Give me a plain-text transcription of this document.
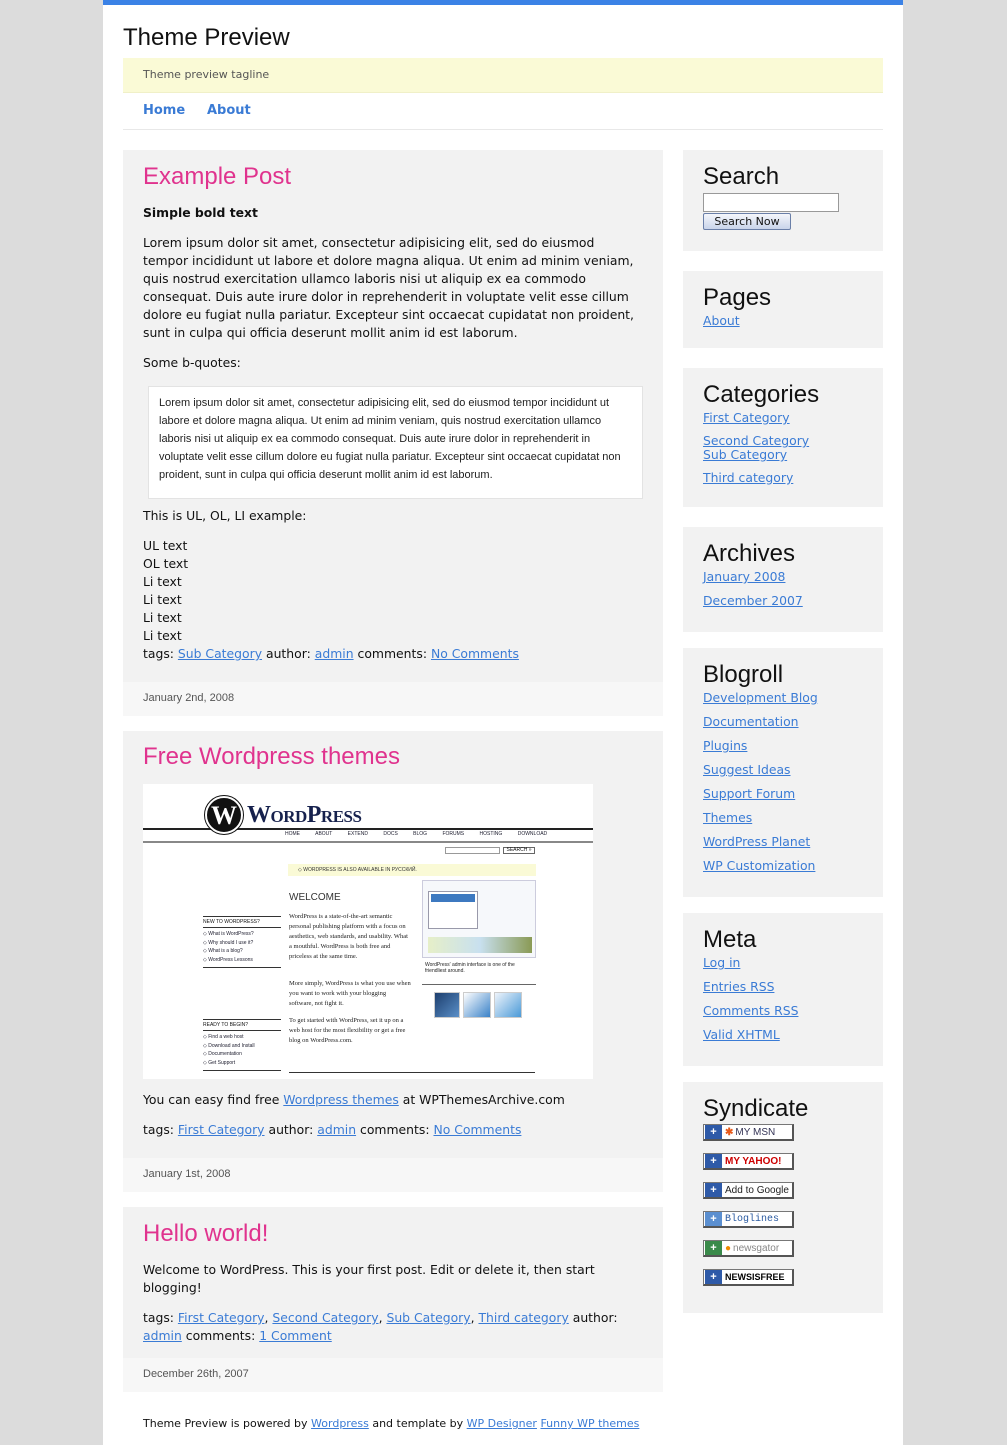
Theme Preview
Theme preview tagline
Home About
Example Post

Simple bold text

Lorem ipsum dolor sit amet, consectetur adipisicing elit, sed do eiusmod tempor incididunt ut labore et dolore magna aliqua. Ut enim ad minim veniam, quis nostrud exercitation ullamco laboris nisi ut aliquip ex ea commodo consequat. Duis aute irure dolor in reprehenderit in voluptate velit esse cillum dolore eu fugiat nulla pariatur. Excepteur sint occaecat cupidatat non proident, sunt in culpa qui officia deserunt mollit anim id est laborum.

Some b-quotes:

Lorem ipsum dolor sit amet, consectetur adipisicing elit, sed do eiusmod tempor incididunt ut labore et dolore magna aliqua. Ut enim ad minim veniam, quis nostrud exercitation ullamco laboris nisi ut aliquip ex ea commodo consequat. Duis aute irure dolor in reprehenderit in voluptate velit esse cillum dolore eu fugiat nulla pariatur. Excepteur sint occaecat cupidatat non proident, sunt in culpa qui officia deserunt mollit anim id est laborum.

This is UL, OL, LI example:

UL text
OL text
Li text
Li text
Li text
Li text
tags: Sub Category author: admin comments: No Comments
January 2nd, 2008
Free Wordpress themes
W WordPress
HOME	ABOUT	EXTEND	DOCS	BLOG	FORUMS	HOSTING	DOWNLOAD
SEARCH »
◇ WORDPRESS IS ALSO AVAILABLE IN РУССКИЙ.
WELCOME
NEW TO WORDPRESS?
◇ What is WordPress?
◇ Why should I use it?
◇ What is a blog?
◇ WordPress Lessons
READY TO BEGIN?
◇ Find a web host
◇ Download and Install
◇ Documentation
◇ Get Support
WordPress is a state-of-the-art semantic personal publishing platform with a focus on aesthetics, web standards, and usability. What a mouthful. WordPress is both free and priceless at the same time.
More simply, WordPress is what you use when you want to work with your blogging software, not fight it.
To get started with WordPress, set it up on a web host for the most flexibility or get a free blog on WordPress.com.
WordPress' admin interface is one of the friendliest around.

You can easy find free Wordpress themes at WPThemesArchive.com

tags: First Category author: admin comments: No Comments
January 1st, 2008
Hello world!

Welcome to WordPress. This is your first post. Edit or delete it, then start blogging!

tags: First Category, Second Category, Sub Category, Third category author: admin comments: 1 Comment
December 26th, 2007
Search
Search Now
Pages
About
Categories
First Category
Second Category
Sub Category
Third category
Archives
January 2008
December 2007
Blogroll
Development Blog
Documentation
Plugins
Suggest Ideas
Support Forum
Themes
WordPress Planet
WP Customization
Meta
Log in
Entries RSS
Comments RSS
Valid XHTML
Syndicate
+ ✱ MY MSN
+ MY YAHOO!
+ Add to Google
+ Bloglines
+ ● newsgator
+ NEWSISFREE
Theme Preview is powered by Wordpress and template by WP Designer Funny WP themes
